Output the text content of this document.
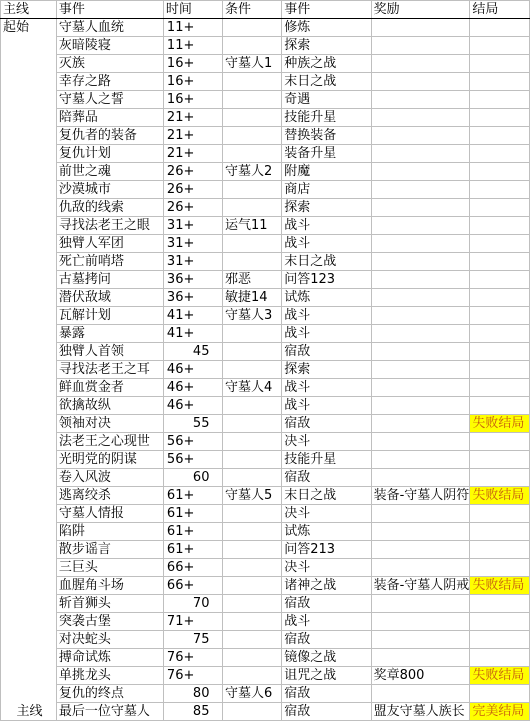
主线	事件	时间	条件	事件	奖励	结局
起始	守墓人血统	11+		修炼		
	灰暗陵寝	11+		探索		
	灭族	16+	守墓人1	种族之战		
	幸存之路	16+		末日之战		
	守墓人之誓	16+		奇遇		
	陪葬品	21+		技能升星		
	复仇者的装备	21+		替换装备		
	复仇计划	21+		装备升星		
	前世之魂	26+	守墓人2	附魔		
	沙漠城市	26+		商店		
	仇敌的线索	26+		探索		
	寻找法老王之眼	31+	运气11	战斗		
	独臂人军团	31+		战斗		
	死亡前哨塔	31+		末日之战		
	古墓拷问	36+	邪恶	问答123		
	潜伏敌域	36+	敏捷14	试炼		
	瓦解计划	41+	守墓人3	战斗		
	暴露	41+		战斗		
	独臂人首领	45		宿敌		
	寻找法老王之耳	46+		探索		
	鲜血赏金者	46+	守墓人4	战斗		
	欲擒故纵	46+		战斗		
	领袖对决	55		宿敌		失败结局
	法老王之心现世	56+		决斗		
	光明党的阴谋	56+		技能升星		
	卷入风波	60		宿敌		
	逃离绞杀	61+	守墓人5	末日之战	装备-守墓人阴符	失败结局
	守墓人情报	61+		决斗		
	陷阱	61+		试炼		
	散步谣言	61+		问答213		
	三巨头	66+		决斗		
	血腥角斗场	66+		诸神之战	装备-守墓人阴戒	失败结局
	斩首狮头	70		宿敌		
	突袭古堡	71+		战斗		
	对决蛇头	75		宿敌		
	搏命试炼	76+		镜像之战		
	单挑龙头	76+		诅咒之战	奖章800	失败结局
	复仇的终点	80	守墓人6	宿敌		
主线	最后一位守墓人	85		宿敌	盟友守墓人族长	完美结局
